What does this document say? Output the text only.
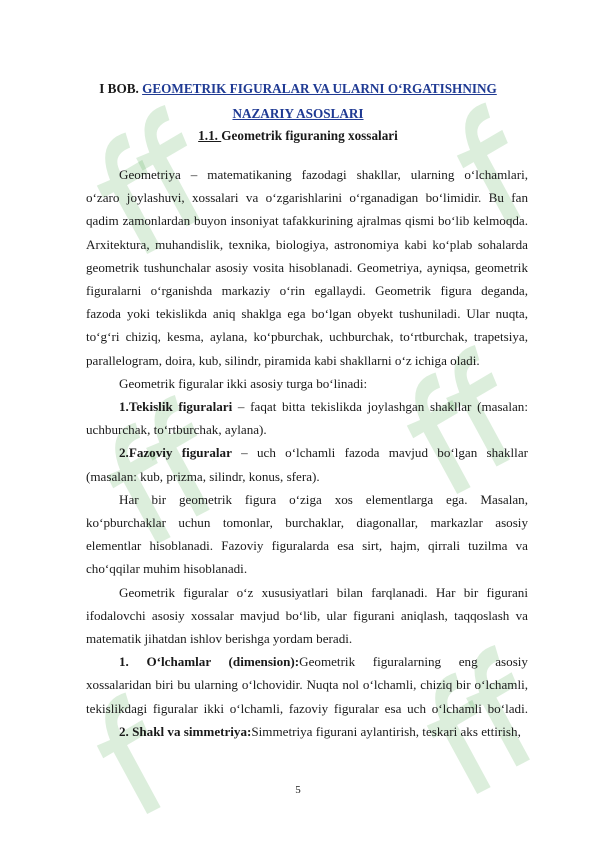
I BOB. GEOMETRIK FIGURALAR VA ULARNI O‘RGATISHNING

NAZARIY ASOSLARI

1.1. Geometrik figuraning xossalari

Geometriya – matematikaning fazodagi shakllar, ularning o‘lchamlari,
o‘zaro joylashuvi, xossalari va o‘zgarishlarini o‘rganadigan bo‘limidir. Bu fan
qadim zamonlardan buyon insoniyat tafakkurining ajralmas qismi bo‘lib kelmoqda.
Arxitektura, muhandislik, texnika, biologiya, astronomiya kabi ko‘plab sohalarda
geometrik tushunchalar asosiy vosita hisoblanadi. Geometriya, ayniqsa, geometrik
figuralarni o‘rganishda markaziy o‘rin egallaydi. Geometrik figura deganda,
fazoda yoki tekislikda aniq shaklga ega bo‘lgan obyekt tushuniladi. Ular nuqta,
to‘g‘ri chiziq, kesma, aylana, ko‘pburchak, uchburchak, to‘rtburchak, trapetsiya,
parallelogram, doira, kub, silindr, piramida kabi shakllarni o‘z ichiga oladi.
Geometrik figuralar ikki asosiy turga bo‘linadi:
1.Tekislik figuralari – faqat bitta tekislikda joylashgan shakllar (masalan:
uchburchak, to‘rtburchak, aylana).
2.Fazoviy figuralar – uch o‘lchamli fazoda mavjud bo‘lgan shakllar
(masalan: kub, prizma, silindr, konus, sfera).
Har bir geometrik figura o‘ziga xos elementlarga ega. Masalan,
ko‘pburchaklar uchun tomonlar, burchaklar, diagonallar, markazlar asosiy
elementlar hisoblanadi. Fazoviy figuralarda esa sirt, hajm, qirrali tuzilma va
cho‘qqilar muhim hisoblanadi.
Geometrik figuralar o‘z xususiyatlari bilan farqlanadi. Har bir figurani
ifodalovchi asosiy xossalar mavjud bo‘lib, ular figurani aniqlash, taqqoslash va
matematik jihatdan ishlov berishga yordam beradi.
1. O‘lchamlar (dimension):Geometrik figuralarning eng asosiy
xossalaridan biri bu ularning o‘lchovidir. Nuqta nol o‘lchamli, chiziq bir o‘lchamli,
tekislikdagi figuralar ikki o‘lchamli, fazoviy figuralar esa uch o‘lchamli bo‘ladi.
2. Shakl va simmetriya:Simmetriya figurani aylantirish, teskari aks ettirish,
5
